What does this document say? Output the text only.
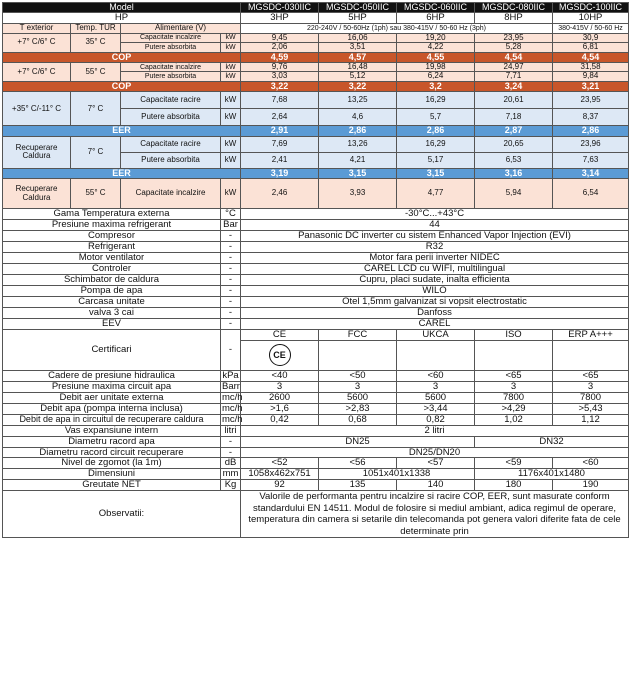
Model				MGSDC-030IIC	MGSDC-050IIC	MGSDC-060IIC	MGSDC-080IIC	MGSDC-100IIC
HP				3HP	5HP	6HP	8HP	10HP
T exterior	Temp. TUR	Alimentare (V)		220-240V / 50-60Hz (1ph) sau 380-415V / 50-60 Hz (3ph)				380-415V / 50-60 Hz
+7° C/6° C	35° C	Capacitate incalzire	kW	9,45	16,06	19,20	23,95	30,9
		Putere absorbita	kW	2,06	3,51	4,22	5,28	6,81
COP				4,59	4,57	4,55	4,54	4,54
+7° C/6° C	55° C	Capacitate incalzire	kW	9,76	16,48	19,98	24,97	31,58
		Putere absorbita	kW	3,03	5,12	6,24	7,71	9,84
COP				3,22	3,22	3,2	3,24	3,21
+35° C/-11° C	7° C	Capacitate racire	kW	7,68	13,25	16,29	20,61	23,95
		Putere absorbita	kW	2,64	4,6	5,7	7,18	8,37
EER				2,91	2,86	2,86	2,87	2,86
Recuperare Caldura	7° C	Capacitate racire	kW	7,69	13,26	16,29	20,65	23,96
		Putere absorbita	kW	2,41	4,21	5,17	6,53	7,63
EER				3,19	3,15	3,15	3,16	3,14
Recuperare Caldura	55° C	Capacitate incalzire	kW	2,46	3,93	4,77	5,94	6,54
Gama Temperatura externa			°C	-30°C...+43°C				
Presiune maxima refrigerant			Bar	44				
Compresor			-	Panasonic DC inverter cu sistem Enhanced Vapor Injection (EVI)				
Refrigerant			-	R32				
Motor ventilator			-	Motor fara perii inverter NIDEC				
Controler			-	CAREL LCD cu WIFI, multilingual				
Schimbator de caldura			-	Cupru, placi sudate, inalta efficienta				
Pompa de apa			-	WILO				
Carcasa unitate			-	Otel 1,5mm galvanizat si vopsit electrostatic				
valva 3 cai			-	Danfoss				
EEV			-	CAREL				
Certificari			-	CE	FCC	UKCA	ISO	ERP A+++
				CE				
Cadere de presiune hidraulica			kPa	<40	<50	<60	<65	<65
Presiune maxima circuit apa			Barr	3	3	3	3	3
Debit aer unitate externa			mc/h	2600	5600	5600	7800	7800
Debit apa (pompa interna inclusa)			mc/h	>1,6	>2,83	>3,44	>4,29	>5,43
Debit de apa in circuitul de recuperare caldura			mc/h	0,42	0,68	0,82	1,02	1,12
Vas expansiune intern			litri	2 litri				
Diametru racord apa			-	DN25			DN32	
Diametru racord circuit recuperare			-	DN25/DN20				
Nivel de zgomot (la 1m)			dB	<52	<56	<57	<59	<60
Dimensiuni			mm	1058x462x751	1051x401x1338		1176x401x1480	
Greutate NET			Kg	92	135	140	180	190
Observatii:				Valorile de performanta pentru incalzire si racire COP, EER, sunt masurate conform standardului EN 14511. Modul de folosire si mediul ambiant, adica regimul de operare, temperatura din camera si setarile din telecomanda pot genera valori diferite fata de cele determinate prin				
